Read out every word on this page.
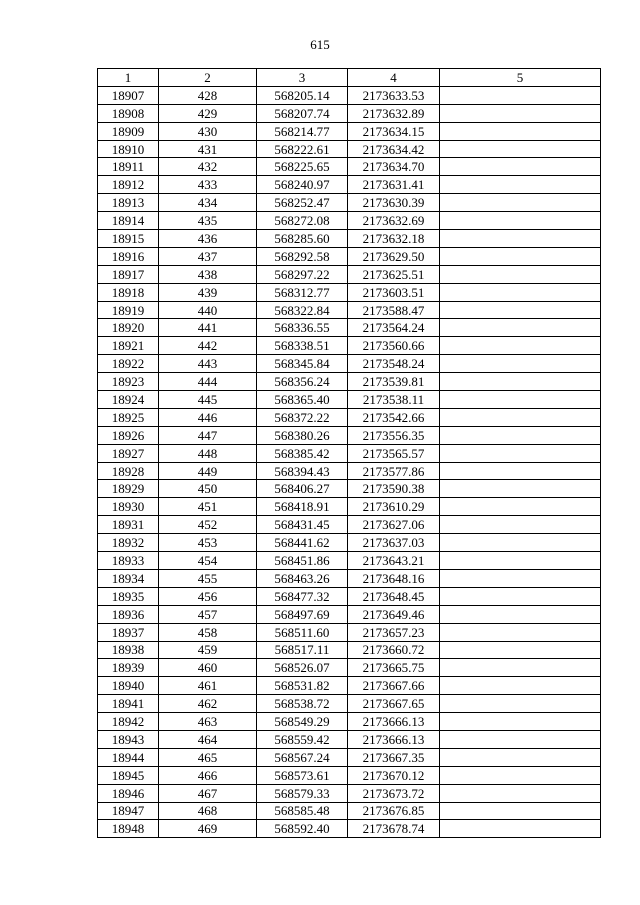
615
1	2	3	4	5
18907	428	568205.14	2173633.53	
18908	429	568207.74	2173632.89	
18909	430	568214.77	2173634.15	
18910	431	568222.61	2173634.42	
18911	432	568225.65	2173634.70	
18912	433	568240.97	2173631.41	
18913	434	568252.47	2173630.39	
18914	435	568272.08	2173632.69	
18915	436	568285.60	2173632.18	
18916	437	568292.58	2173629.50	
18917	438	568297.22	2173625.51	
18918	439	568312.77	2173603.51	
18919	440	568322.84	2173588.47	
18920	441	568336.55	2173564.24	
18921	442	568338.51	2173560.66	
18922	443	568345.84	2173548.24	
18923	444	568356.24	2173539.81	
18924	445	568365.40	2173538.11	
18925	446	568372.22	2173542.66	
18926	447	568380.26	2173556.35	
18927	448	568385.42	2173565.57	
18928	449	568394.43	2173577.86	
18929	450	568406.27	2173590.38	
18930	451	568418.91	2173610.29	
18931	452	568431.45	2173627.06	
18932	453	568441.62	2173637.03	
18933	454	568451.86	2173643.21	
18934	455	568463.26	2173648.16	
18935	456	568477.32	2173648.45	
18936	457	568497.69	2173649.46	
18937	458	568511.60	2173657.23	
18938	459	568517.11	2173660.72	
18939	460	568526.07	2173665.75	
18940	461	568531.82	2173667.66	
18941	462	568538.72	2173667.65	
18942	463	568549.29	2173666.13	
18943	464	568559.42	2173666.13	
18944	465	568567.24	2173667.35	
18945	466	568573.61	2173670.12	
18946	467	568579.33	2173673.72	
18947	468	568585.48	2173676.85	
18948	469	568592.40	2173678.74	
